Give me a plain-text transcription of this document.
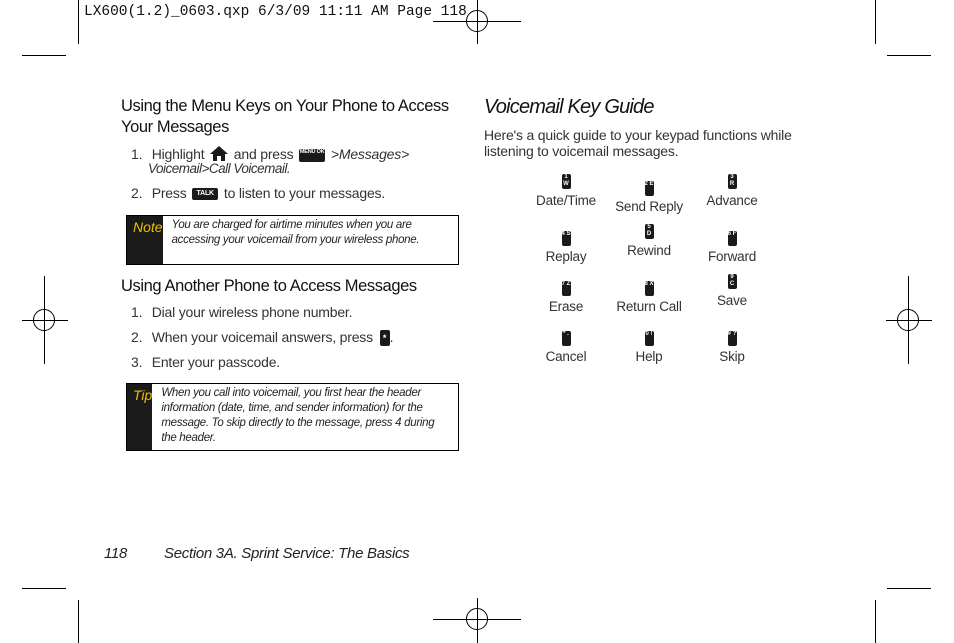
LX600(1.2)_0603.qxp 6/3/09 11:11 AM Page 118
Using the Menu Keys on Your Phone to Access
Your Messages
1. Highlight and press MENU OK >Messages>
Voicemail>Call Voicemail.
2. Press TALK to listen to your messages.
Note You are charged for airtime minutes when you are accessing your voicemail from your wireless phone.
Using Another Phone to Access Messages
1. Dial your wireless phone number.
2. When your voicemail answers, press * .
3. Enter your passcode.
Tip When you call into voicemail, you first hear the header information (date, time, and sender information) for the message. To skip directly to the message, press 4 during the header.
Voicemail Key Guide
Here's a quick guide to your keypad functions while listening to voicemail messages.
1 W
Date/Time
2 E
Send Reply
3 R
Advance
4 S
Replay
5 D
Rewind
6 F
Forward
7 Z
Erase
8 X
Return Call
9 C
Save
* .
Cancel
0 !
Help
# ?
Skip
118 Section 3A. Sprint Service: The Basics
